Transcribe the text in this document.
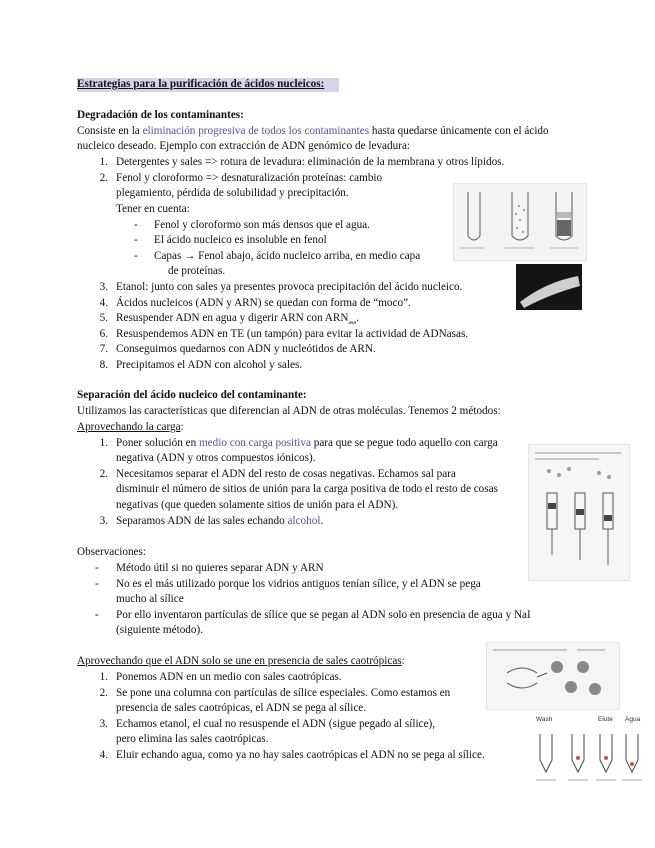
Estrategias para la purificación de ácidos nucleicos:
Degradación de los contaminantes:
Consiste en la eliminación progresiva de todos los contaminantes hasta quedarse únicamente con el ácido
nucleico deseado. Ejemplo con extracción de ADN genómico de levadura:
1. Detergentes y sales => rotura de levadura: eliminación de la membrana y otros lípidos.
2. Fenol y cloroformo => desnaturalización proteínas: cambio
plegamiento, pérdida de solubilidad y precipitación.
Tener en cuenta:
- Fenol y cloroformo son más densos que el agua.
- El ácido nucleico es insoluble en fenol
- Capas → Fenol abajo, ácido nucleico arriba, en medio capa
de proteínas.
3. Etanol: junto con sales ya presentes provoca precipitación del ácido nucleico.
4. Ácidos nucleicos (ADN y ARN) se quedan con forma de “moco”.
5. Resuspender ADN en agua y digerir ARN con $ARN_{asa}$.
6. Resuspendemos ADN en TE (un tampón) para evitar la actividad de ADNasas.
7. Conseguimos quedarnos con ADN y nucleótidos de ARN.
8. Precipitamos el ADN con alcohol y sales.
Separación del ácido nucleico del contaminante:
Utilizamos las características que diferencian al ADN de otras moléculas. Tenemos 2 métodos:
Aprovechando la carga:
1. Poner solución en medio con carga positiva para que se pegue todo aquello con carga
negativa (ADN y otros compuestos iónicos).
2. Necesitamos separar el ADN del resto de cosas negativas. Echamos sal para
disminuir el número de sitios de unión para la carga positiva de todo el resto de cosas
negativas (que queden solamente sitios de unión para el ADN).
3. Separamos ADN de las sales echando alcohol.
Observaciones:
- Método útil si no quieres separar ADN y ARN
- No es el más utilizado porque los vidrios antiguos tenían sílice, y el ADN se pega
mucho al sílice
- Por ello inventaron partículas de sílice que se pegan al ADN solo en presencia de agua y NaI
(siguiente método).
Aprovechando que el ADN solo se une en presencia de sales caotrópicas:
1. Ponemos ADN en un medio con sales caotrópicas.
2. Se pone una columna con partículas de sílice especiales. Como estamos en
presencia de sales caotrópicas, el ADN se pega al sílice.
3. Echamos etanol, el cual no resuspende el ADN (sigue pegado al sílice),
pero elimina las sales caotrópicas.
4. Eluir echando agua, como ya no hay sales caotrópicas el ADN no se pega al sílice.
Wash	Elute Agua
